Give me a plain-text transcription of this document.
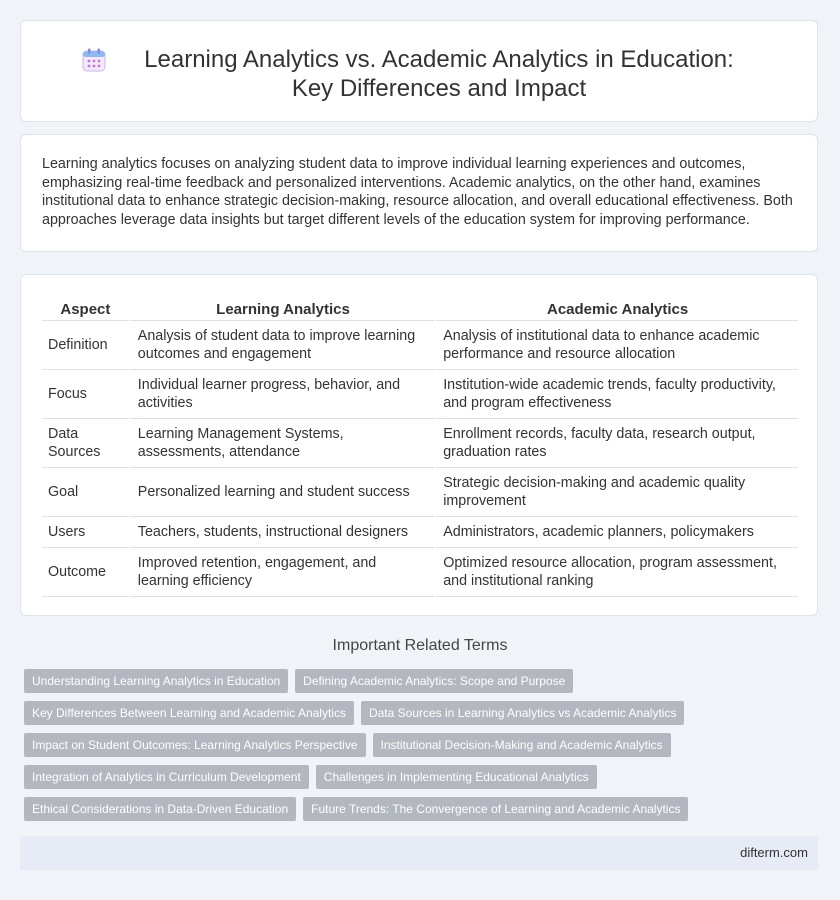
Learning Analytics vs. Academic Analytics in Education: Key Differences and Impact

Learning analytics focuses on analyzing student data to improve individual learning experiences and outcomes, emphasizing real-time feedback and personalized interventions. Academic analytics, on the other hand, examines institutional data to enhance strategic decision-making, resource allocation, and overall educational effectiveness. Both approaches leverage data insights but target different levels of the education system for improving performance.

Aspect	Learning Analytics	Academic Analytics
Definition	Analysis of student data to improve learning outcomes and engagement	Analysis of institutional data to enhance academic performance and resource allocation
Focus	Individual learner progress, behavior, and activities	Institution-wide academic trends, faculty productivity, and program effectiveness
Data Sources	Learning Management Systems, assessments, attendance	Enrollment records, faculty data, research output, graduation rates
Goal	Personalized learning and student success	Strategic decision-making and academic quality improvement
Users	Teachers, students, instructional designers	Administrators, academic planners, policymakers
Outcome	Improved retention, engagement, and learning efficiency	Optimized resource allocation, program assessment, and institutional ranking
Important Related Terms
Understanding Learning Analytics in Education Defining Academic Analytics: Scope and Purpose
Key Differences Between Learning and Academic Analytics Data Sources in Learning Analytics vs Academic Analytics
Impact on Student Outcomes: Learning Analytics Perspective Institutional Decision-Making and Academic Analytics
Integration of Analytics in Curriculum Development Challenges in Implementing Educational Analytics
Ethical Considerations in Data-Driven Education Future Trends: The Convergence of Learning and Academic Analytics
difterm.com
